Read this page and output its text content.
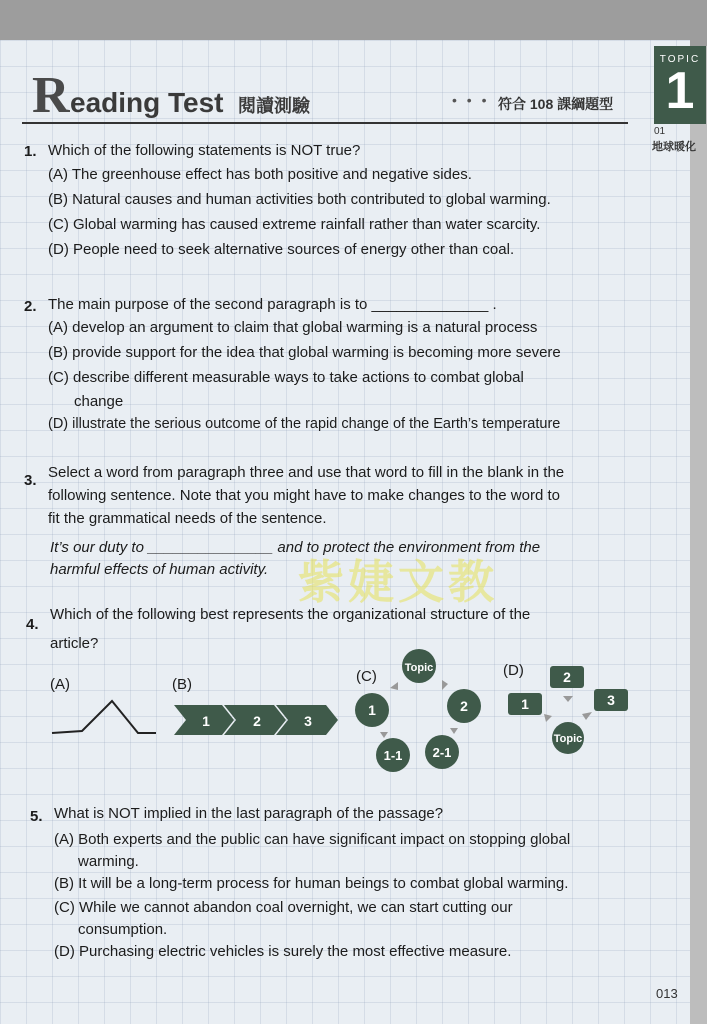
TOPIC
1
01
地球暖化
R eading Test 閱讀測驗	• • • 符合 108 課綱題型
1. Which of the following statements is NOT true?
(A) The greenhouse effect has both positive and negative sides.
(B) Natural causes and human activities both contributed to global warming.
(C) Global warming has caused extreme rainfall rather than water scarcity.
(D) People need to seek alternative sources of energy other than coal.
2. The main purpose of the second paragraph is to ______________ .
(A) develop an argument to claim that global warming is a natural process
(B) provide support for the idea that global warming is becoming more severe
(C) describe different measurable ways to take actions to combat global
change
(D) illustrate the serious outcome of the rapid change of the Earth’s temperature
3. Select a word from paragraph three and use that word to fill in the blank in the
following sentence. Note that you might have to make changes to the word to
fit the grammatical needs of the sentence.
It’s our duty to _______________ and to protect the environment from the
harmful effects of human activity. 紫婕文教
4.
Which of the following best represents the organizational structure of the
article?
(A)	(B)	(C)	(D)
1	2	3
Topic
1	2
1-1 2-1
2
1	3
Topic
5. What is NOT implied in the last paragraph of the passage?
(A) Both experts and the public can have significant impact on stopping global
warming.
(B) It will be a long-term process for human beings to combat global warming.
(C) While we cannot abandon coal overnight, we can start cutting our
consumption.
(D) Purchasing electric vehicles is surely the most effective measure.
013
